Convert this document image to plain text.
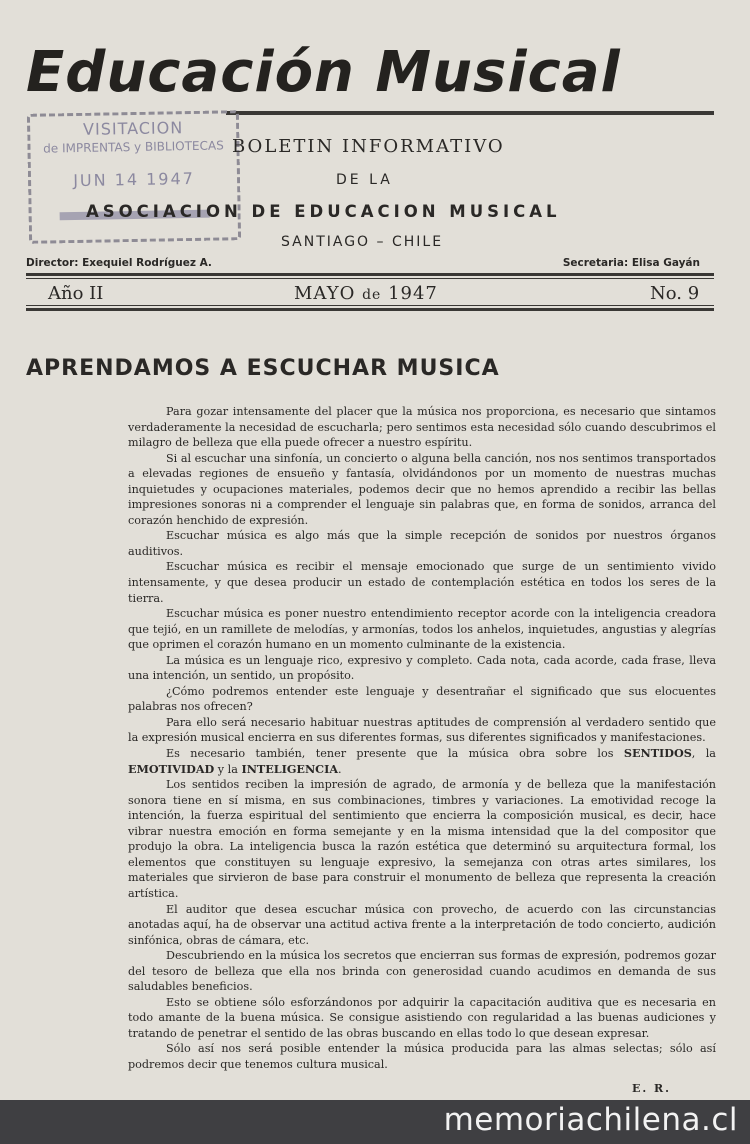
Educación Musical
VISITACION
de IMPRENTAS y BIBLIOTECAS
JUN 14 1947
BOLETIN INFORMATIVO
DE LA
ASOCIACION DE EDUCACION MUSICAL
SANTIAGO – CHILE
Director: Exequiel Rodríguez A.	Secretaria: Elisa Gayán
Año II	MAYO de 1947	No. 9
APRENDAMOS A ESCUCHAR MUSICA

Para gozar intensamente del placer que la música nos proporciona, es necesario que sintamos verdaderamente la necesidad de escucharla; pero sentimos esta necesidad sólo cuando descubrimos el milagro de belleza que ella puede ofrecer a nuestro espíritu.

Si al escuchar una sinfonía, un concierto o alguna bella canción, nos nos sentimos transportados a elevadas regiones de ensueño y fantasía, olvidándonos por un momento de nuestras muchas inquietudes y ocupaciones materiales, podemos decir que no hemos aprendido a recibir las bellas impresiones sonoras ni a comprender el lenguaje sin palabras que, en forma de sonidos, arranca del corazón henchido de expresión.

Escuchar música es algo más que la simple recepción de sonidos por nuestros órganos auditivos.

Escuchar música es recibir el mensaje emocionado que surge de un sentimiento vivido intensamente, y que desea producir un estado de contemplación estética en todos los seres de la tierra.

Escuchar música es poner nuestro entendimiento receptor acorde con la inteligencia creadora que tejió, en un ramillete de melodías, y armonías, todos los anhelos, inquietudes, angustias y alegrías que oprimen el corazón humano en un momento culminante de la existencia.

La música es un lenguaje rico, expresivo y completo. Cada nota, cada acorde, cada frase, lleva una intención, un sentido, un propósito.

¿Cómo podremos entender este lenguaje y desentrañar el significado que sus elocuentes palabras nos ofrecen?

Para ello será necesario habituar nuestras aptitudes de comprensión al verdadero sentido que la expresión musical encierra en sus diferentes formas, sus diferentes significados y manifestaciones.

Es necesario también, tener presente que la música obra sobre los SENTIDOS, la EMOTIVIDAD y la INTELIGENCIA.

Los sentidos reciben la impresión de agrado, de armonía y de belleza que la manifestación sonora tiene en sí misma, en sus combinaciones, timbres y variaciones. La emotividad recoge la intención, la fuerza espiritual del sentimiento que encierra la composición musical, es decir, hace vibrar nuestra emoción en forma semejante y en la misma intensidad que la del compositor que produjo la obra. La inteligencia busca la razón estética que determinó su arquitectura formal, los elementos que constituyen su lenguaje expresivo, la semejanza con otras artes similares, los materiales que sirvieron de base para construir el monumento de belleza que representa la creación artística.

El auditor que desea escuchar música con provecho, de acuerdo con las circunstancias anotadas aquí, ha de observar una actitud activa frente a la interpretación de todo concierto, audición sinfónica, obras de cámara, etc.

Descubriendo en la música los secretos que encierran sus formas de expresión, podremos gozar del tesoro de belleza que ella nos brinda con generosidad cuando acudimos en demanda de sus saludables beneficios.

Esto se obtiene sólo esforzándonos por adquirir la capacitación auditiva que es necesaria en todo amante de la buena música. Se consigue asistiendo con regularidad a las buenas audiciones y tratando de penetrar el sentido de las obras buscando en ellas todo lo que desean expresar.

Sólo así nos será posible entender la música producida para las almas selectas; sólo así podremos decir que tenemos cultura musical.

E. R.
memoriachilena.cl
